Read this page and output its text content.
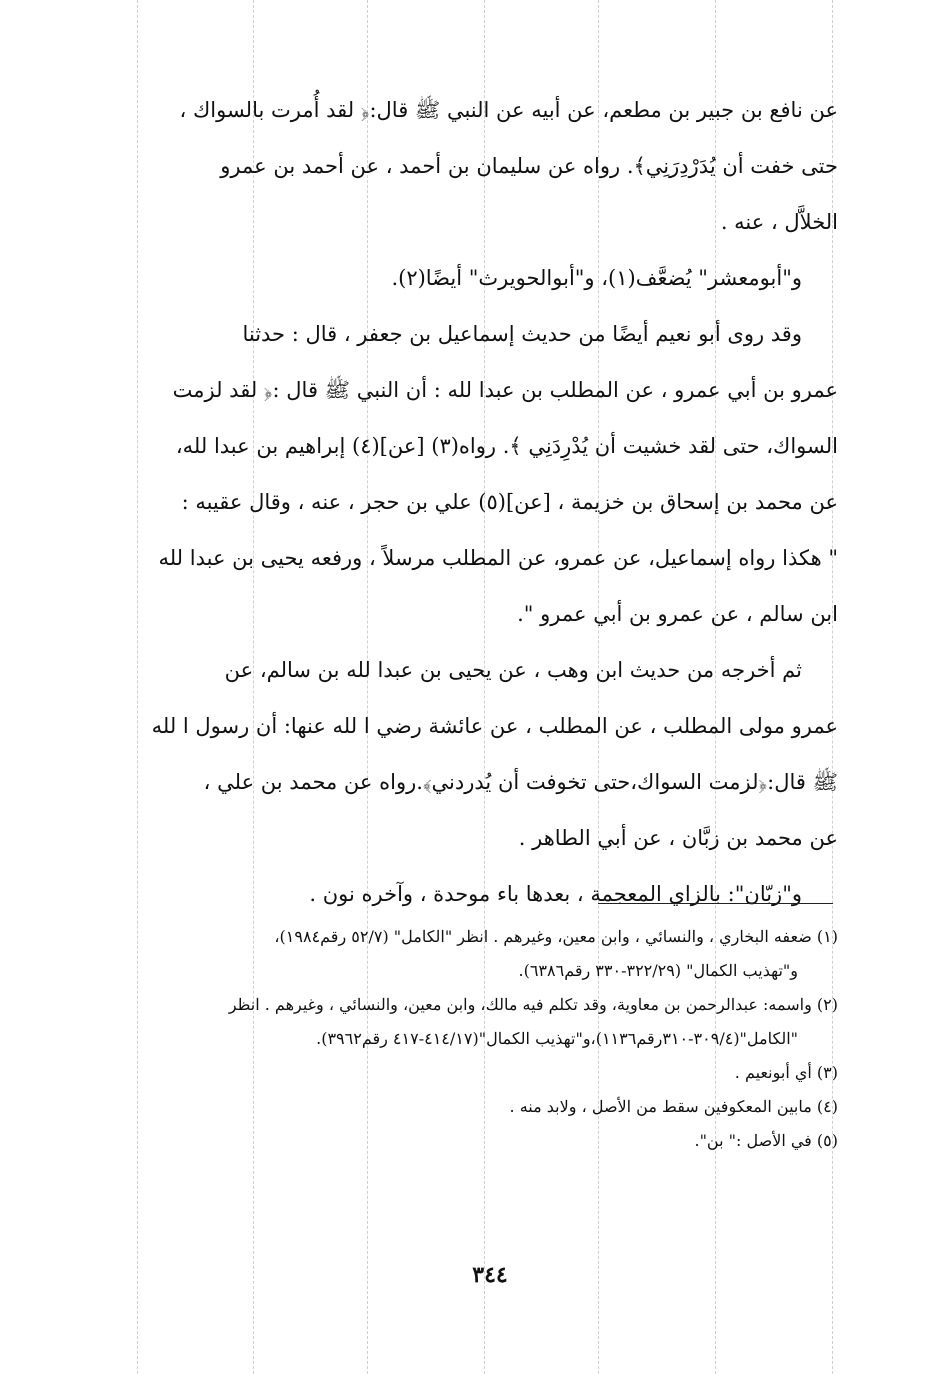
عن نافع بن جبير بن مطعم، عن أبيه عن النبي ﷺ قال:﴿ لقد أُمرت بالسواك ،
حتى خفت أن يُدَرْدِرَنِي﴾. رواه عن سليمان بن أحمد ، عن أحمد بن عمرو
الخلاَّل ، عنه .
و"أبومعشر" يُضعَّف(١)، و"أبوالحويرث" أيضًا(٢).
وقد روى أبو نعيم أيضًا من حديث إسماعيل بن جعفر ، قال : حدثنا
عمرو بن أبي عمرو ، عن المطلب بن عبدا لله : أن النبي ﷺ قال :﴿ لقد لزمت
السواك، حتى لقد خشيت أن يُدْرِدَنِي ﴾. رواه(٣) [عن](٤) إبراهيم بن عبدا لله،
عن محمد بن إسحاق بن خزيمة ، [عن](٥) علي بن حجر ، عنه ، وقال عقيبه :
" هكذا رواه إسماعيل، عن عمرو، عن المطلب مرسلاً ، ورفعه يحيى بن عبدا لله
ابن سالم ، عن عمرو بن أبي عمرو ".
ثم أخرجه من حديث ابن وهب ، عن يحيى بن عبدا لله بن سالم، عن
عمرو مولى المطلب ، عن المطلب ، عن عائشة رضي ا لله عنها: أن رسول ا لله
ﷺ قال:﴿لزمت السواك،حتى تخوفت أن يُدردني﴾.رواه عن محمد بن علي ،
عن محمد بن زبَّان ، عن أبي الطاهر .
و"زبّان": بالزاي المعجمة ، بعدها باء موحدة ، وآخره نون .
(١) ضعفه البخاري ، والنسائي ، وابن معين، وغيرهم . انظر "الكامل" (٥٢/٧ رقم١٩٨٤)،
و"تهذيب الكمال" (٣٢٢/٢٩-٣٣٠ رقم٦٣٨٦).
(٢) واسمه: عبدالرحمن بن معاوية، وقد تكلم فيه مالك، وابن معين، والنسائي ، وغيرهم . انظر
"الكامل"(٣٠٩/٤-٣١٠رقم١١٣٦)،و"تهذيب الكمال"(٤١٤/١٧-٤١٧ رقم٣٩٦٢).
(٣) أي أبونعيم .
(٤) مابين المعكوفين سقط من الأصل ، ولابد منه .
(٥) في الأصل :" بن".
٣٤٤
